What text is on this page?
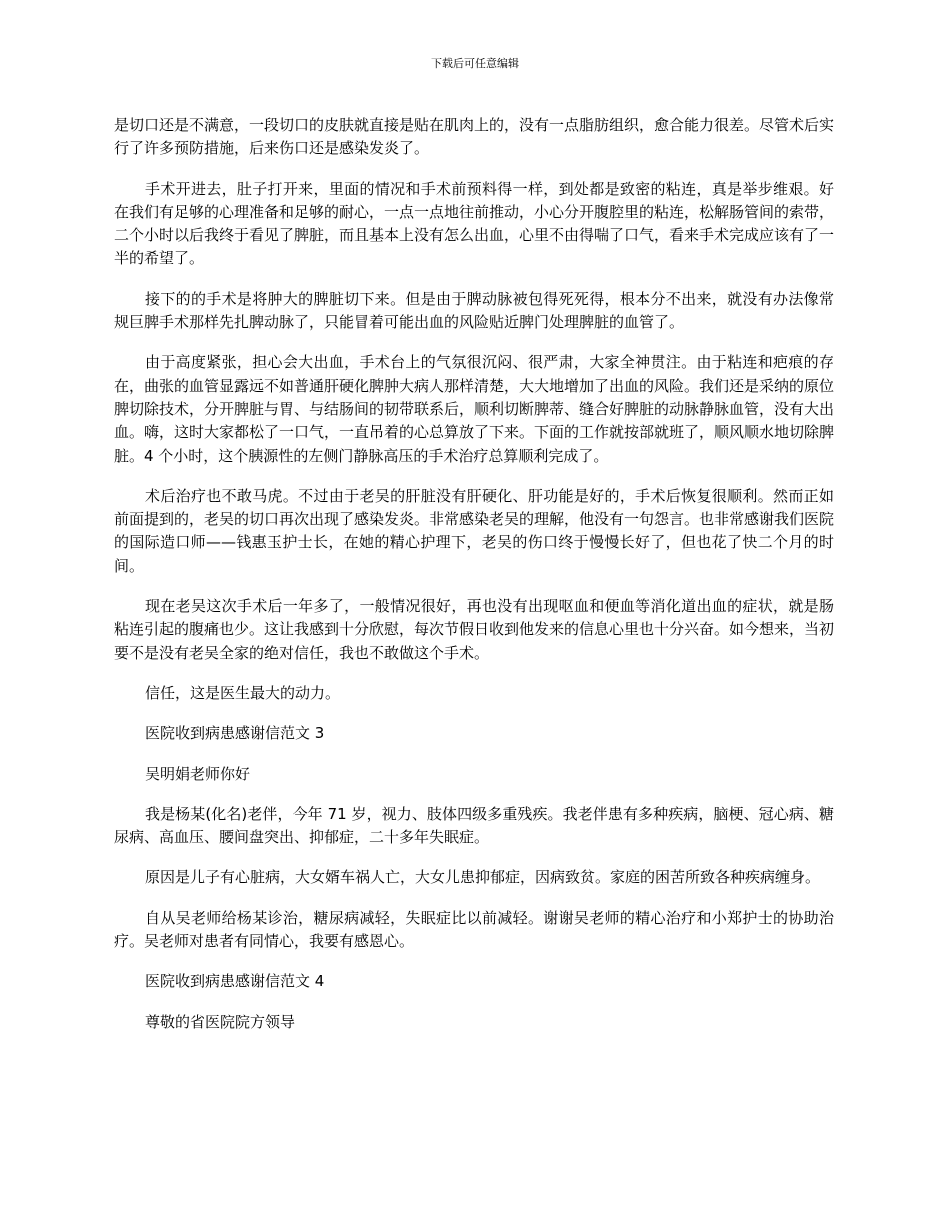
下载后可任意编辑

是切口还是不满意，一段切口的皮肤就直接是贴在肌肉上的，没有一点脂肪组织，愈合能力很差。尽管术后实行了许多预防措施，后来伤口还是感染发炎了。

手术开进去，肚子打开来，里面的情况和手术前预料得一样，到处都是致密的粘连，真是举步维艰。好在我们有足够的心理准备和足够的耐心，一点一点地往前推动，小心分开腹腔里的粘连，松解肠管间的索带，二个小时以后我终于看见了脾脏，而且基本上没有怎么出血，心里不由得喘了口气，看来手术完成应该有了一半的希望了。

接下的的手术是将肿大的脾脏切下来。但是由于脾动脉被包得死死得，根本分不出来，就没有办法像常规巨脾手术那样先扎脾动脉了，只能冒着可能出血的风险贴近脾门处理脾脏的血管了。

由于高度紧张，担心会大出血，手术台上的气氛很沉闷、很严肃，大家全神贯注。由于粘连和疤痕的存在，曲张的血管显露远不如普通肝硬化脾肿大病人那样清楚，大大地增加了出血的风险。我们还是采纳的原位脾切除技术，分开脾脏与胃、与结肠间的韧带联系后，顺利切断脾蒂、缝合好脾脏的动脉静脉血管，没有大出血。嗨，这时大家都松了一口气，一直吊着的心总算放了下来。下面的工作就按部就班了，顺风顺水地切除脾脏。4 个小时，这个胰源性的左侧门静脉高压的手术治疗总算顺利完成了。

术后治疗也不敢马虎。不过由于老吴的肝脏没有肝硬化、肝功能是好的，手术后恢复很顺利。然而正如前面提到的，老吴的切口再次出现了感染发炎。非常感染老吴的理解，他没有一句怨言。也非常感谢我们医院的国际造口师——钱惠玉护士长，在她的精心护理下，老吴的伤口终于慢慢长好了，但也花了快二个月的时间。

现在老吴这次手术后一年多了，一般情况很好，再也没有出现呕血和便血等消化道出血的症状，就是肠粘连引起的腹痛也少。这让我感到十分欣慰，每次节假日收到他发来的信息心里也十分兴奋。如今想来，当初要不是没有老吴全家的绝对信任，我也不敢做这个手术。

信任，这是医生最大的动力。

医院收到病患感谢信范文 3

吴明娟老师你好

我是杨某(化名)老伴，今年 71 岁，视力、肢体四级多重残疾。我老伴患有多种疾病，脑梗、冠心病、糖尿病、高血压、腰间盘突出、抑郁症，二十多年失眠症。

原因是儿子有心脏病，大女婿车祸人亡，大女儿患抑郁症，因病致贫。家庭的困苦所致各种疾病缠身。

自从吴老师给杨某诊治，糖尿病减轻，失眠症比以前减轻。谢谢吴老师的精心治疗和小郑护士的协助治疗。吴老师对患者有同情心，我要有感恩心。

医院收到病患感谢信范文 4

尊敬的省医院院方领导
